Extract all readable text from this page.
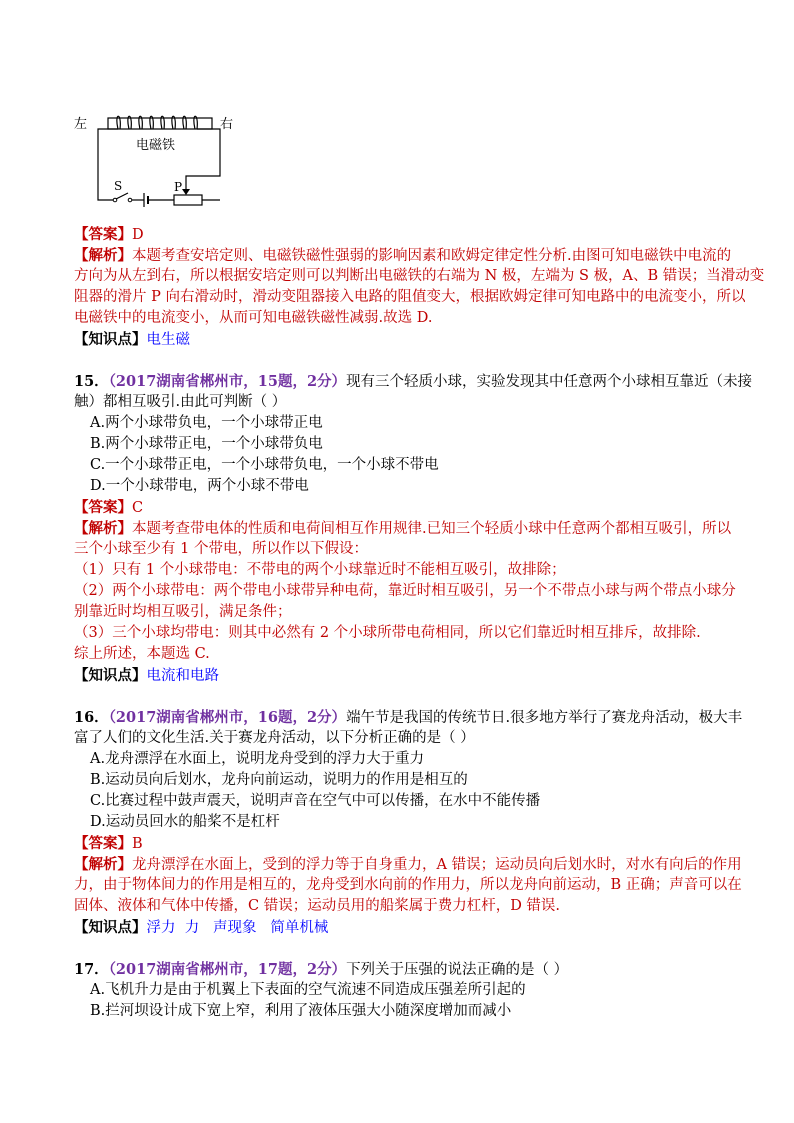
左	右
电磁铁
S	P
【答案】D
【解析】本题考查安培定则、电磁铁磁性强弱的影响因素和欧姆定律定性分析.由图可知电磁铁中电流的
方向为从左到右，所以根据安培定则可以判断出电磁铁的右端为 N 极，左端为 S 极，A、B 错误；当滑动变
阻器的滑片 P 向右滑动时，滑动变阻器接入电路的阻值变大，根据欧姆定律可知电路中的电流变小，所以
电磁铁中的电流变小，从而可知电磁铁磁性减弱.故选 D.
【知识点】电生磁
15．（2017湖南省郴州市，15题，2分）现有三个轻质小球，实验发现其中任意两个小球相互靠近（未接
触）都相互吸引.由此可判断（ ）
A.两个小球带负电，一个小球带正电
B.两个小球带正电，一个小球带负电
C.一个小球带正电，一个小球带负电，一个小球不带电
D.一个小球带电，两个小球不带电
【答案】C
【解析】本题考查带电体的性质和电荷间相互作用规律.已知三个轻质小球中任意两个都相互吸引，所以
三个小球至少有 1 个带电，所以作以下假设：
（1）只有 1 个小球带电：不带电的两个小球靠近时不能相互吸引，故排除；
（2）两个小球带电：两个带电小球带异种电荷，靠近时相互吸引，另一个不带点小球与两个带点小球分
别靠近时均相互吸引，满足条件；
（3）三个小球均带电：则其中必然有 2 个小球所带电荷相同，所以它们靠近时相互排斥，故排除.
综上所述，本题选 C.
【知识点】电流和电路
16．（2017湖南省郴州市，16题，2分）端午节是我国的传统节日.很多地方举行了赛龙舟活动，极大丰
富了人们的文化生活.关于赛龙舟活动，以下分析正确的是（ ）
A.龙舟漂浮在水面上，说明龙舟受到的浮力大于重力
B.运动员向后划水，龙舟向前运动，说明力的作用是相互的
C.比赛过程中鼓声震天，说明声音在空气中可以传播，在水中不能传播
D.运动员回水的船桨不是杠杆
【答案】B
【解析】龙舟漂浮在水面上，受到的浮力等于自身重力，A 错误；运动员向后划水时，对水有向后的作用
力，由于物体间力的作用是相互的，龙舟受到水向前的作用力，所以龙舟向前运动，B 正确；声音可以在
固体、液体和气体中传播，C 错误；运动员用的船桨属于费力杠杆，D 错误.
【知识点】浮力  力   声现象   简单机械
17．（2017湖南省郴州市，17题，2分）下列关于压强的说法正确的是（ ）
A.飞机升力是由于机翼上下表面的空气流速不同造成压强差所引起的
B.拦河坝设计成下宽上窄，利用了液体压强大小随深度增加而减小
